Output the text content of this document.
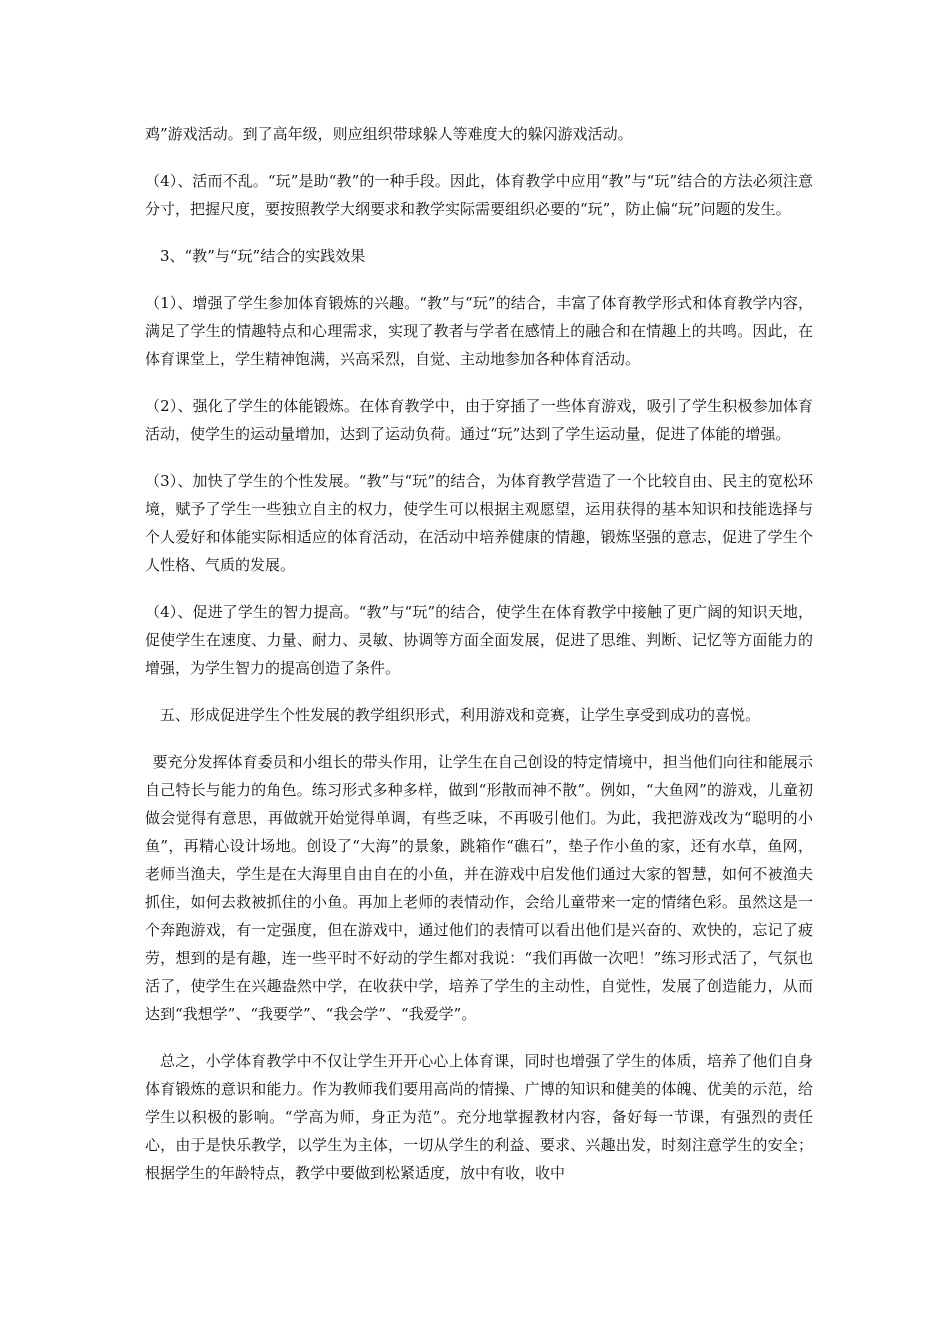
鸡”游戏活动。到了高年级，则应组织带球躲人等难度大的躲闪游戏活动。

（4）、活而不乱。“玩”是助“教”的一种手段。因此，体育教学中应用“教”与“玩”结合的方法必须注意分寸，把握尺度，要按照教学大纲要求和教学实际需要组织必要的“玩”，防止偏“玩”问题的发生。

3、“教”与“玩”结合的实践效果

（1）、增强了学生参加体育锻炼的兴趣。“教”与“玩”的结合，丰富了体育教学形式和体育教学内容，满足了学生的情趣特点和心理需求，实现了教者与学者在感情上的融合和在情趣上的共鸣。因此，在体育课堂上，学生精神饱满，兴高采烈，自觉、主动地参加各种体育活动。

（2）、强化了学生的体能锻炼。在体育教学中，由于穿插了一些体育游戏，吸引了学生积极参加体育活动，使学生的运动量增加，达到了运动负荷。通过“玩”达到了学生运动量，促进了体能的增强。

（3）、加快了学生的个性发展。“教”与“玩”的结合，为体育教学营造了一个比较自由、民主的宽松环境，赋予了学生一些独立自主的权力，使学生可以根据主观愿望，运用获得的基本知识和技能选择与个人爱好和体能实际相适应的体育活动，在活动中培养健康的情趣，锻炼坚强的意志，促进了学生个人性格、气质的发展。

（4）、促进了学生的智力提高。“教”与“玩”的结合，使学生在体育教学中接触了更广阔的知识天地，促使学生在速度、力量、耐力、灵敏、协调等方面全面发展，促进了思维、判断、记忆等方面能力的增强，为学生智力的提高创造了条件。

五、形成促进学生个性发展的教学组织形式，利用游戏和竞赛，让学生享受到成功的喜悦。

要充分发挥体育委员和小组长的带头作用，让学生在自己创设的特定情境中，担当他们向往和能展示自己特长与能力的角色。练习形式多种多样，做到“形散而神不散”。例如，“大鱼网”的游戏，儿童初做会觉得有意思，再做就开始觉得单调，有些乏味，不再吸引他们。为此，我把游戏改为“聪明的小鱼”，再精心设计场地。创设了“大海”的景象，跳箱作“礁石”，垫子作小鱼的家，还有水草，鱼网，老师当渔夫，学生是在大海里自由自在的小鱼，并在游戏中启发他们通过大家的智慧，如何不被渔夫抓住，如何去救被抓住的小鱼。再加上老师的表情动作，会给儿童带来一定的情绪色彩。虽然这是一个奔跑游戏，有一定强度，但在游戏中，通过他们的表情可以看出他们是兴奋的、欢快的，忘记了疲劳，想到的是有趣，连一些平时不好动的学生都对我说：“我们再做一次吧！”练习形式活了，气氛也活了，使学生在兴趣盎然中学，在收获中学，培养了学生的主动性，自觉性，发展了创造能力，从而达到“我想学”、“我要学”、“我会学”、“我爱学”。

总之，小学体育教学中不仅让学生开开心心上体育课，同时也增强了学生的体质，培养了他们自身体育锻炼的意识和能力。作为教师我们要用高尚的情操、广博的知识和健美的体魄、优美的示范，给学生以积极的影响。“学高为师，身正为范”。充分地掌握教材内容，备好每一节课，有强烈的责任心，由于是快乐教学，以学生为主体，一切从学生的利益、要求、兴趣出发，时刻注意学生的安全；根据学生的年龄特点，教学中要做到松紧适度，放中有收，收中
